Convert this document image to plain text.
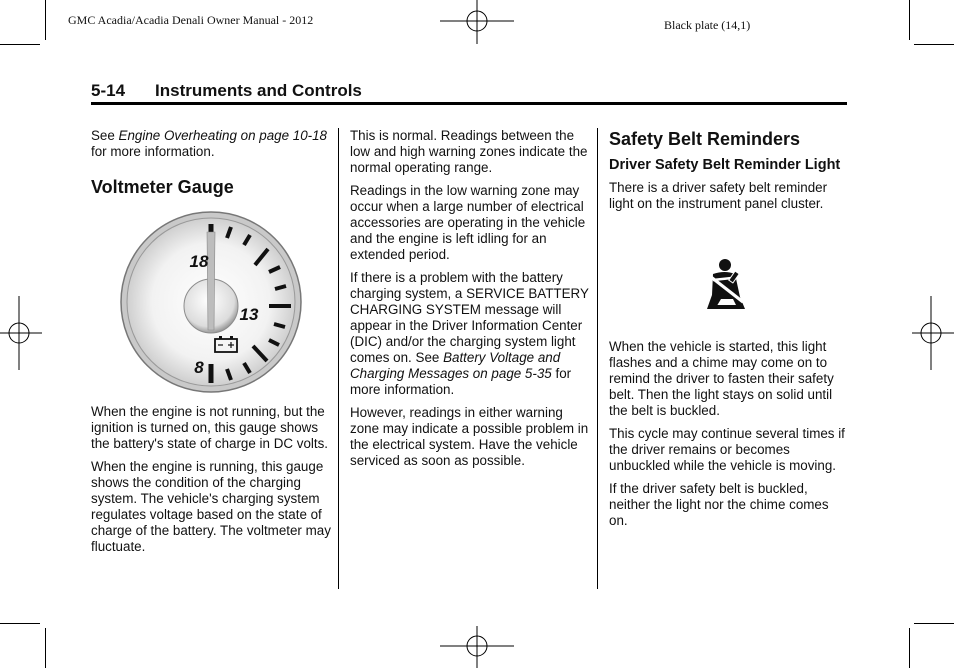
GMC Acadia/Acadia Denali Owner Manual - 2012	Black plate (14,1)
5-14 Instruments and Controls

See Engine Overheating on page 10-18 for more information.

Voltmeter Gauge
18
13
8

When the engine is not running, but the ignition is turned on, this gauge shows the battery's state of charge in DC volts.

When the engine is running, this gauge shows the condition of the charging system. The vehicle's charging system regulates voltage based on the state of charge of the battery. The voltmeter may fluctuate.

This is normal. Readings between the low and high warning zones indicate the normal operating range.

Readings in the low warning zone may occur when a large number of electrical accessories are operating in the vehicle and the engine is left idling for an extended period.

If there is a problem with the battery charging system, a SERVICE BATTERY CHARGING SYSTEM message will appear in the Driver Information Center (DIC) and/or the charging system light comes on. See Battery Voltage and Charging Messages on page 5-35 for more information.

However, readings in either warning zone may indicate a possible problem in the electrical system. Have the vehicle serviced as soon as possible.

Safety Belt Reminders
Driver Safety Belt Reminder Light

There is a driver safety belt reminder light on the instrument panel cluster.

When the vehicle is started, this light flashes and a chime may come on to remind the driver to fasten their safety belt. Then the light stays on solid until the belt is buckled.

This cycle may continue several times if the driver remains or becomes unbuckled while the vehicle is moving.

If the driver safety belt is buckled, neither the light nor the chime comes on.
